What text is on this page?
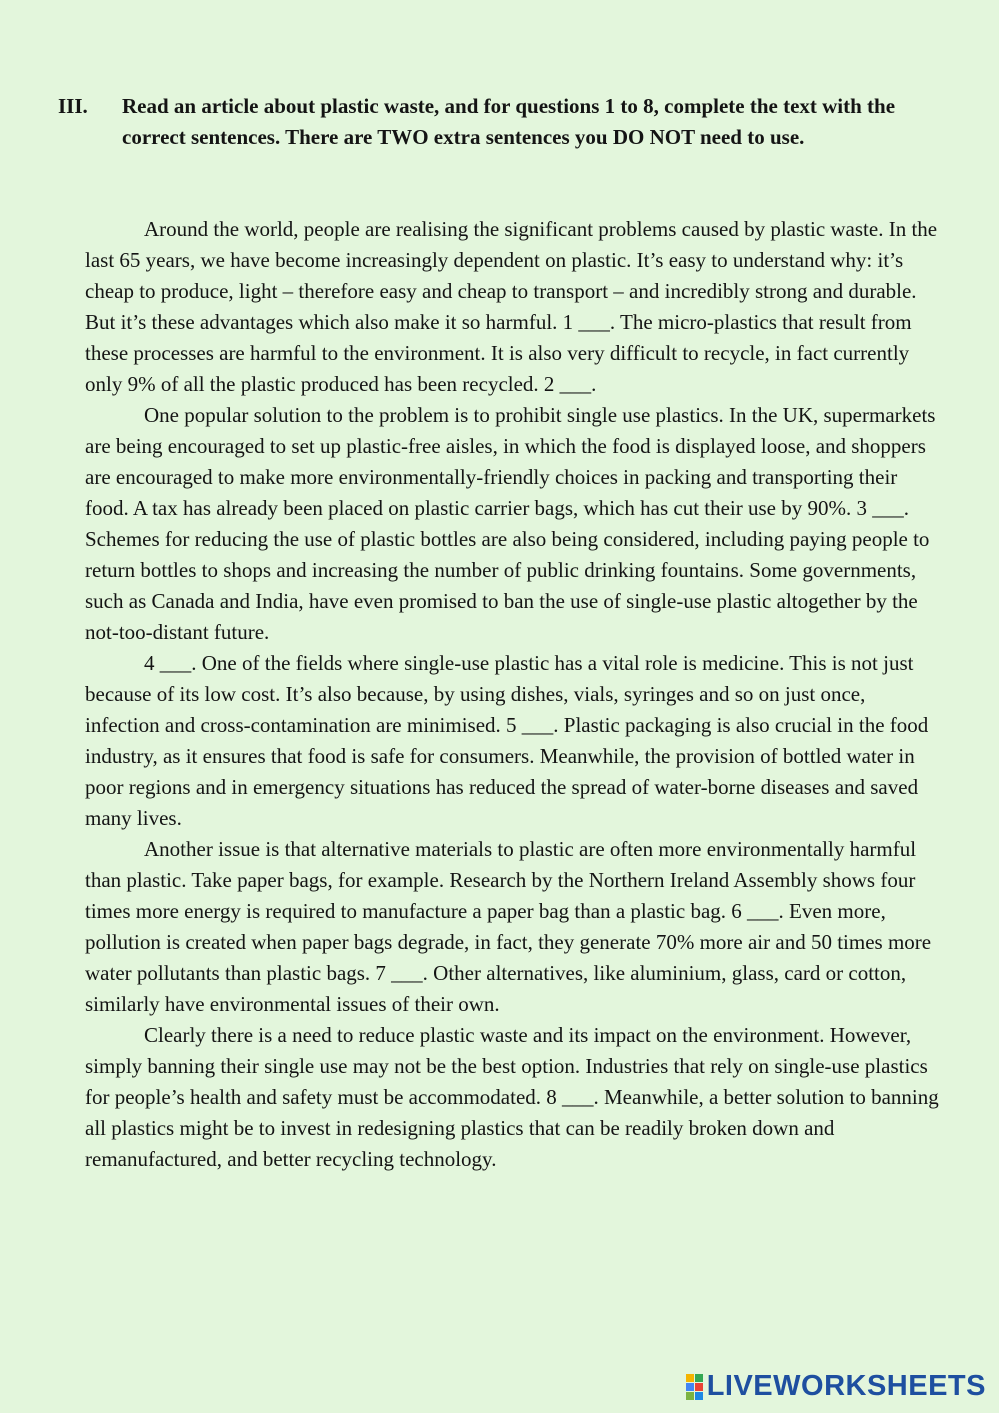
III.	Read an article about plastic waste, and for questions 1 to 8, complete the text with the correct sentences. There are TWO extra sentences you DO NOT need to use.

Around the world, people are realising the significant problems caused by plastic waste. In the last 65 years, we have become increasingly dependent on plastic. It’s easy to understand why: it’s cheap to produce, light – therefore easy and cheap to transport – and incredibly strong and durable. But it’s these advantages which also make it so harmful. 1 ___. The micro-plastics that result from these processes are harmful to the environment. It is also very difficult to recycle, in fact currently only 9% of all the plastic produced has been recycled. 2 ___.

One popular solution to the problem is to prohibit single use plastics. In the UK, supermarkets are being encouraged to set up plastic-free aisles, in which the food is displayed loose, and shoppers are encouraged to make more environmentally-friendly choices in packing and transporting their food. A tax has already been placed on plastic carrier bags, which has cut their use by 90%. 3 ___. Schemes for reducing the use of plastic bottles are also being considered, including paying people to return bottles to shops and increasing the number of public drinking fountains. Some governments, such as Canada and India, have even promised to ban the use of single-use plastic altogether by the not-too-distant future.

4 ___. One of the fields where single-use plastic has a vital role is medicine. This is not just because of its low cost. It’s also because, by using dishes, vials, syringes and so on just once, infection and cross-contamination are minimised. 5 ___. Plastic packaging is also crucial in the food industry, as it ensures that food is safe for consumers. Meanwhile, the provision of bottled water in poor regions and in emergency situations has reduced the spread of water-borne diseases and saved many lives.

Another issue is that alternative materials to plastic are often more environmentally harmful than plastic. Take paper bags, for example. Research by the Northern Ireland Assembly shows four times more energy is required to manufacture a paper bag than a plastic bag. 6 ___. Even more, pollution is created when paper bags degrade, in fact, they generate 70% more air and 50 times more water pollutants than plastic bags. 7 ___. Other alternatives, like aluminium, glass, card or cotton, similarly have environmental issues of their own.

Clearly there is a need to reduce plastic waste and its impact on the environment. However, simply banning their single use may not be the best option. Industries that rely on single-use plastics for people’s health and safety must be accommodated. 8 ___. Meanwhile, a better solution to banning all plastics might be to invest in redesigning plastics that can be readily broken down and remanufactured, and better recycling technology.

LIVEWORKSHEETS
